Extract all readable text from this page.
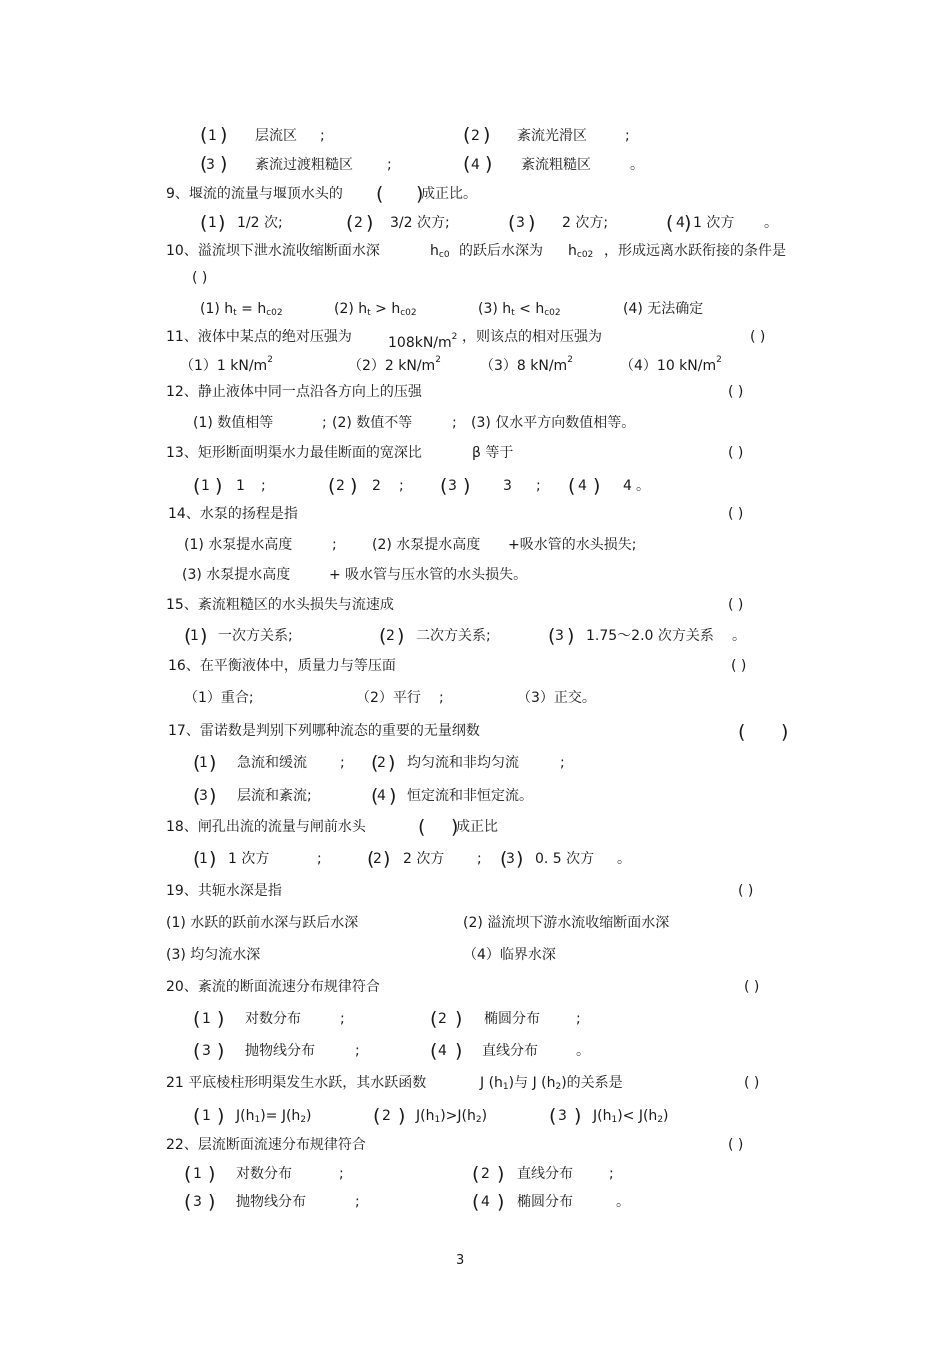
( 1 ) 层流区 ;	( 2 ) 紊流光滑区	;
(
3 ) 紊流过渡粗糙区 ;	( 4 ) 紊流粗糙区	。
9、堰流的流量与堰顶水头的 ( )
成正比。
( 1 ) 1/2 次;	( 2 ) 3/2 次方;	( 3 ) 2 次方;	( 4 ) 1 次方 。
10、溢流坝下泄水流收缩断面水深	$h_{c0}$ 的跃后水深为 $h_{c02}$ ，形成远离水跃衔接的条件是
( )
(1) $h_t = h_{c02}$	(2) $h_t > h_{c02}$	(3) $h_t < h_{c02}$	(4) 无法确定
11、液体中某点的绝对压强为	$108kN/m^2$ ，则该点的相对压强为	( )
（1）1 $kN/m^2$	（2）2 $kN/m^2$	（3）8 $kN/m^2$	（4）10 $kN/m^2$
12、静止液体中同一点沿各方向上的压强	( )
(1) 数值相等	; (2) 数值不等	; (3) 仅水平方向数值相等。
13、矩形断面明渠水力最佳断面的宽深比	β 等于	( )
( 1 ) 1 ;	( 2 ) 2 ; ( 3 ) 3 ; ( 4 ) 4 。
14、水泵的扬程是指	( )
(1) 水泵提水高度	;	(2) 水泵提水高度 +吸水管的水头损失;
(3) 水泵提水高度	+ 吸水管与压水管的水头损失。
15、紊流粗糙区的水头损失与流速成	( )
(
1 ) 一次方关系;	( 2 ) 二次方关系;	( 3 ) 1.75～2.0 次方关系 。
16、在平衡液体中，质量力与等压面	( )
（1）重合;	（2）平行 ;	（3）正交。
17、雷诺数是判别下列哪种流态的重要的无量纲数	( )
(
1 ) 急流和缓流 ; (
2 ) 均匀流和非均匀流	;
(
3 ) 层流和紊流;	(
4 ) 恒定流和非恒定流。
18、闸孔出流的流量与闸前水头	( )
成正比
(
1 ) 1 次方	; (
2 ) 2 次方 ; (
3 ) 0. 5 次方 。
19、共轭水深是指	( )
(1) 水跃的跃前水深与跃后水深	(2) 溢流坝下游水流收缩断面水深
(3) 均匀流水深	（4）临界水深
20、紊流的断面流速分布规律符合	( )
( 1 ) 对数分布	;	( 2 ) 椭圆分布	;
( 3 ) 抛物线分布	;	( 4 ) 直线分布	。
21 平底棱柱形明渠发生水跃，其水跃函数	J $(h_1)$与 J $(h_2)$的关系是	( )
( 1 ) $J(h_1)= J(h_2)$	( 2 ) $J(h_1)>J(h_2)$	( 3 ) $J(h_1)< J(h_2)$
22、层流断面流速分布规律符合	( )
( 1 ) 对数分布	;	( 2 ) 直线分布	;
( 3 ) 抛物线分布	;	( 4 ) 椭圆分布	。
3
